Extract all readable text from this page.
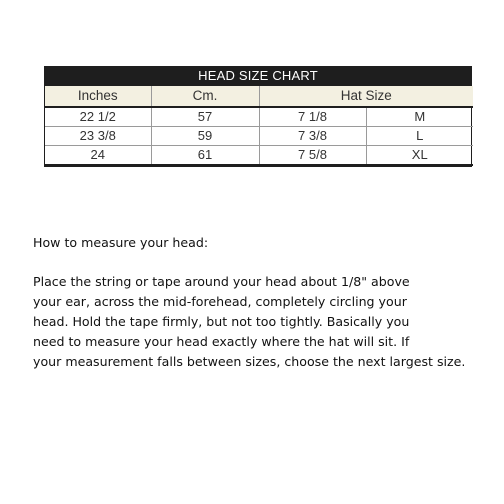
HEAD SIZE CHART
Inches	Cm.	Hat Size	
22 1/2	57	7 1/8	M
23 3/8	59	7 3/8	L
24	61	7 5/8	XL

How to measure your head:

Place the string or tape around your head about 1/8" above
your ear, across the mid-forehead, completely circling your
head. Hold the tape firmly, but not too tightly. Basically you
need to measure your head exactly where the hat will sit. If
your measurement falls between sizes, choose the next largest size.
